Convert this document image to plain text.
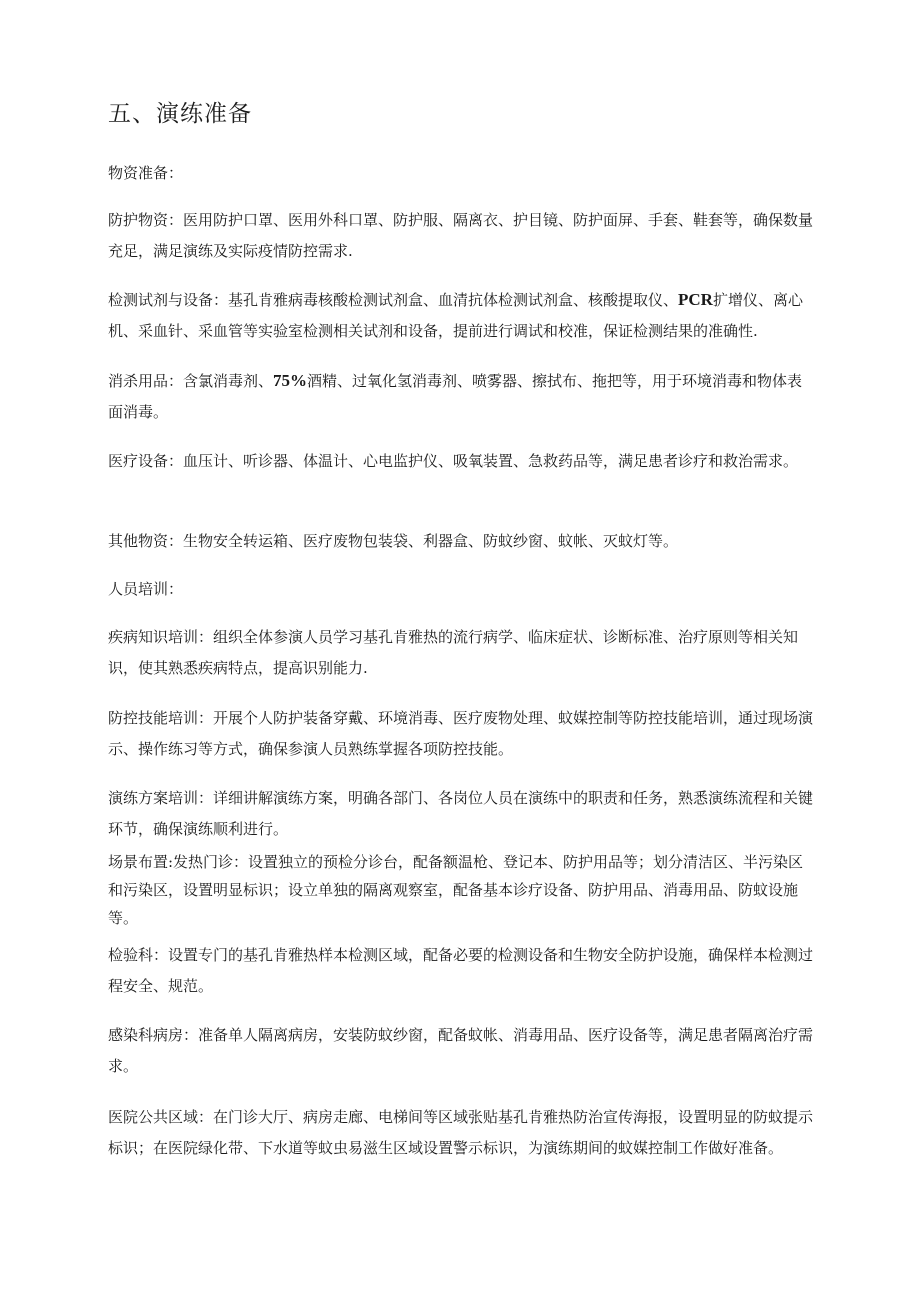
五、演练准备

物资准备：

防护物资：医用防护口罩、医用外科口罩、防护服、隔离衣、护目镜、防护面屏、手套、鞋套等，确保数量充足，满足演练及实际疫情防控需求.

检测试剂与设备：基孔肯雅病毒核酸检测试剂盒、血清抗体检测试剂盒、核酸提取仪、PCR扩增仪、离心机、采血针、采血管等实验室检测相关试剂和设备，提前进行调试和校准，保证检测结果的准确性.

消杀用品：含氯消毒剂、75%酒精、过氧化氢消毒剂、喷雾器、擦拭布、拖把等，用于环境消毒和物体表面消毒。

医疗设备：血压计、听诊器、体温计、心电监护仪、吸氧装置、急救药品等，满足患者诊疗和救治需求。

其他物资：生物安全转运箱、医疗废物包装袋、利器盒、防蚊纱窗、蚊帐、灭蚊灯等。

人员培训：

疾病知识培训：组织全体参演人员学习基孔肯雅热的流行病学、临床症状、诊断标准、治疗原则等相关知识，使其熟悉疾病特点，提高识别能力.

防控技能培训：开展个人防护装备穿戴、环境消毒、医疗废物处理、蚊媒控制等防控技能培训，通过现场演示、操作练习等方式，确保参演人员熟练掌握各项防控技能。

演练方案培训：详细讲解演练方案，明确各部门、各岗位人员在演练中的职责和任务，熟悉演练流程和关键环节，确保演练顺利进行。

场景布置:发热门诊：设置独立的预检分诊台，配备额温枪、登记本、防护用品等；划分清洁区、半污染区和污染区，设置明显标识；设立单独的隔离观察室，配备基本诊疗设备、防护用品、消毒用品、防蚊设施等。

检验科：设置专门的基孔肯雅热样本检测区域，配备必要的检测设备和生物安全防护设施，确保样本检测过程安全、规范。

感染科病房：准备单人隔离病房，安装防蚊纱窗，配备蚊帐、消毒用品、医疗设备等，满足患者隔离治疗需求。

医院公共区域：在门诊大厅、病房走廊、电梯间等区域张贴基孔肯雅热防治宣传海报，设置明显的防蚊提示标识；在医院绿化带、下水道等蚊虫易滋生区域设置警示标识，为演练期间的蚊媒控制工作做好准备。
